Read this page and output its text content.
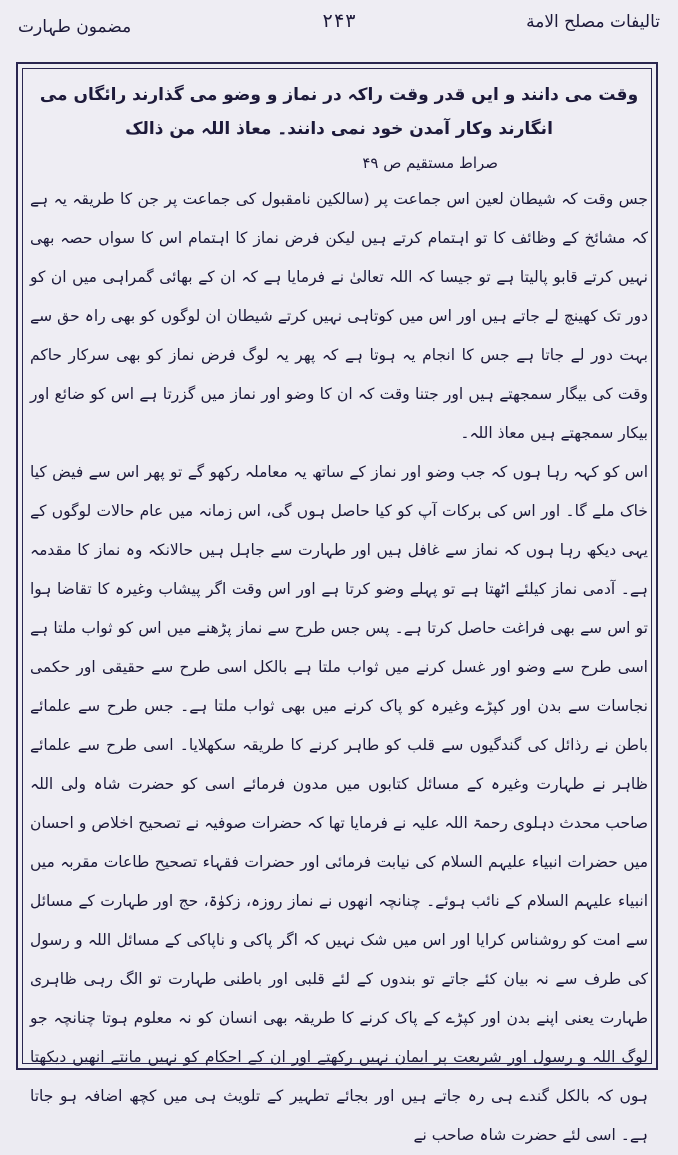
تالیفات مصلح الامة
۲۴۳
مضمون طہارت
وقت می دانند و ایں قدر وقت راکہ در نماز و وضو می گذارند رائگاں می انگارند وکار آمدن خود نمی دانند۔ معاذ اللہ من ذالک
صراط مستقیم ص ۴۹

جس وقت کہ شیطان لعین اس جماعت پر (سالکین نامقبول کی جماعت پر جن کا طریقہ یہ ہے کہ مشائخ کے وظائف کا تو اہتمام کرتے ہیں لیکن فرض نماز کا اہتمام اس کا سواں حصہ بھی نہیں کرتے قابو پالیتا ہے تو جیسا کہ اللہ تعالیٰ نے فرمایا ہے کہ ان کے بھائی گمراہی میں ان کو دور تک کھینچ لے جاتے ہیں اور اس میں کوتاہی نہیں کرتے شیطان ان لوگوں کو بھی راہ حق سے بہت دور لے جاتا ہے جس کا انجام یہ ہوتا ہے کہ پھر یہ لوگ فرض نماز کو بھی سرکار حاکم وقت کی بیگار سمجھتے ہیں اور جتنا وقت کہ ان کا وضو اور نماز میں گزرتا ہے اس کو ضائع اور بیکار سمجھتے ہیں معاذ اللہ۔

اس کو کہہ رہا ہوں کہ جب وضو اور نماز کے ساتھ یہ معاملہ رکھو گے تو پھر اس سے فیض کیا خاک ملے گا۔ اور اس کی برکات آپ کو کیا حاصل ہوں گی، اس زمانہ میں عام حالات لوگوں کے یہی دیکھ رہا ہوں کہ نماز سے غافل ہیں اور طہارت سے جاہل ہیں حالانکہ وہ نماز کا مقدمہ ہے۔ آدمی نماز کیلئے اٹھتا ہے تو پہلے وضو کرتا ہے اور اس وقت اگر پیشاب وغیرہ کا تقاضا ہوا تو اس سے بھی فراغت حاصل کرتا ہے۔ پس جس طرح سے نماز پڑھنے میں اس کو ثواب ملتا ہے اسی طرح سے وضو اور غسل کرنے میں ثواب ملتا ہے بالکل اسی طرح سے حقیقی اور حکمی نجاسات سے بدن اور کپڑے وغیرہ کو پاک کرنے میں بھی ثواب ملتا ہے۔ جس طرح سے علمائے باطن نے رذائل کی گندگیوں سے قلب کو طاہر کرنے کا طریقہ سکھلایا۔ اسی طرح سے علمائے ظاہر نے طہارت وغیرہ کے مسائل کتابوں میں مدون فرمائے اسی کو حضرت شاہ ولی اللہ صاحب محدث دہلوی رحمۃ اللہ علیہ نے فرمایا تھا کہ حضرات صوفیہ نے تصحیح اخلاص و احسان میں حضرات انبیاء علیہم السلام کی نیابت فرمائی اور حضرات فقہاء تصحیح طاعات مقربہ میں انبیاء علیہم السلام کے نائب ہوئے۔ چنانچہ انھوں نے نماز روزہ، زکوٰۃ، حج اور طہارت کے مسائل سے امت کو روشناس کرایا اور اس میں شک نہیں کہ اگر پاکی و ناپاکی کے مسائل اللہ و رسول کی طرف سے نہ بیان کئے جاتے تو بندوں کے لئے قلبی اور باطنی طہارت تو الگ رہی ظاہری طہارت یعنی اپنے بدن اور کپڑے کے پاک کرنے کا طریقہ بھی انسان کو نہ معلوم ہوتا چنانچہ جو لوگ اللہ و رسول اور شریعت پر ایمان نہیں رکھتے اور ان کے احکام کو نہیں مانتے انھیں دیکھتا ہوں کہ بالکل گندے ہی رہ جاتے ہیں اور بجائے تطہیر کے تلویث ہی میں کچھ اضافہ ہو جاتا ہے۔ اسی لئے حضرت شاہ صاحب نے
